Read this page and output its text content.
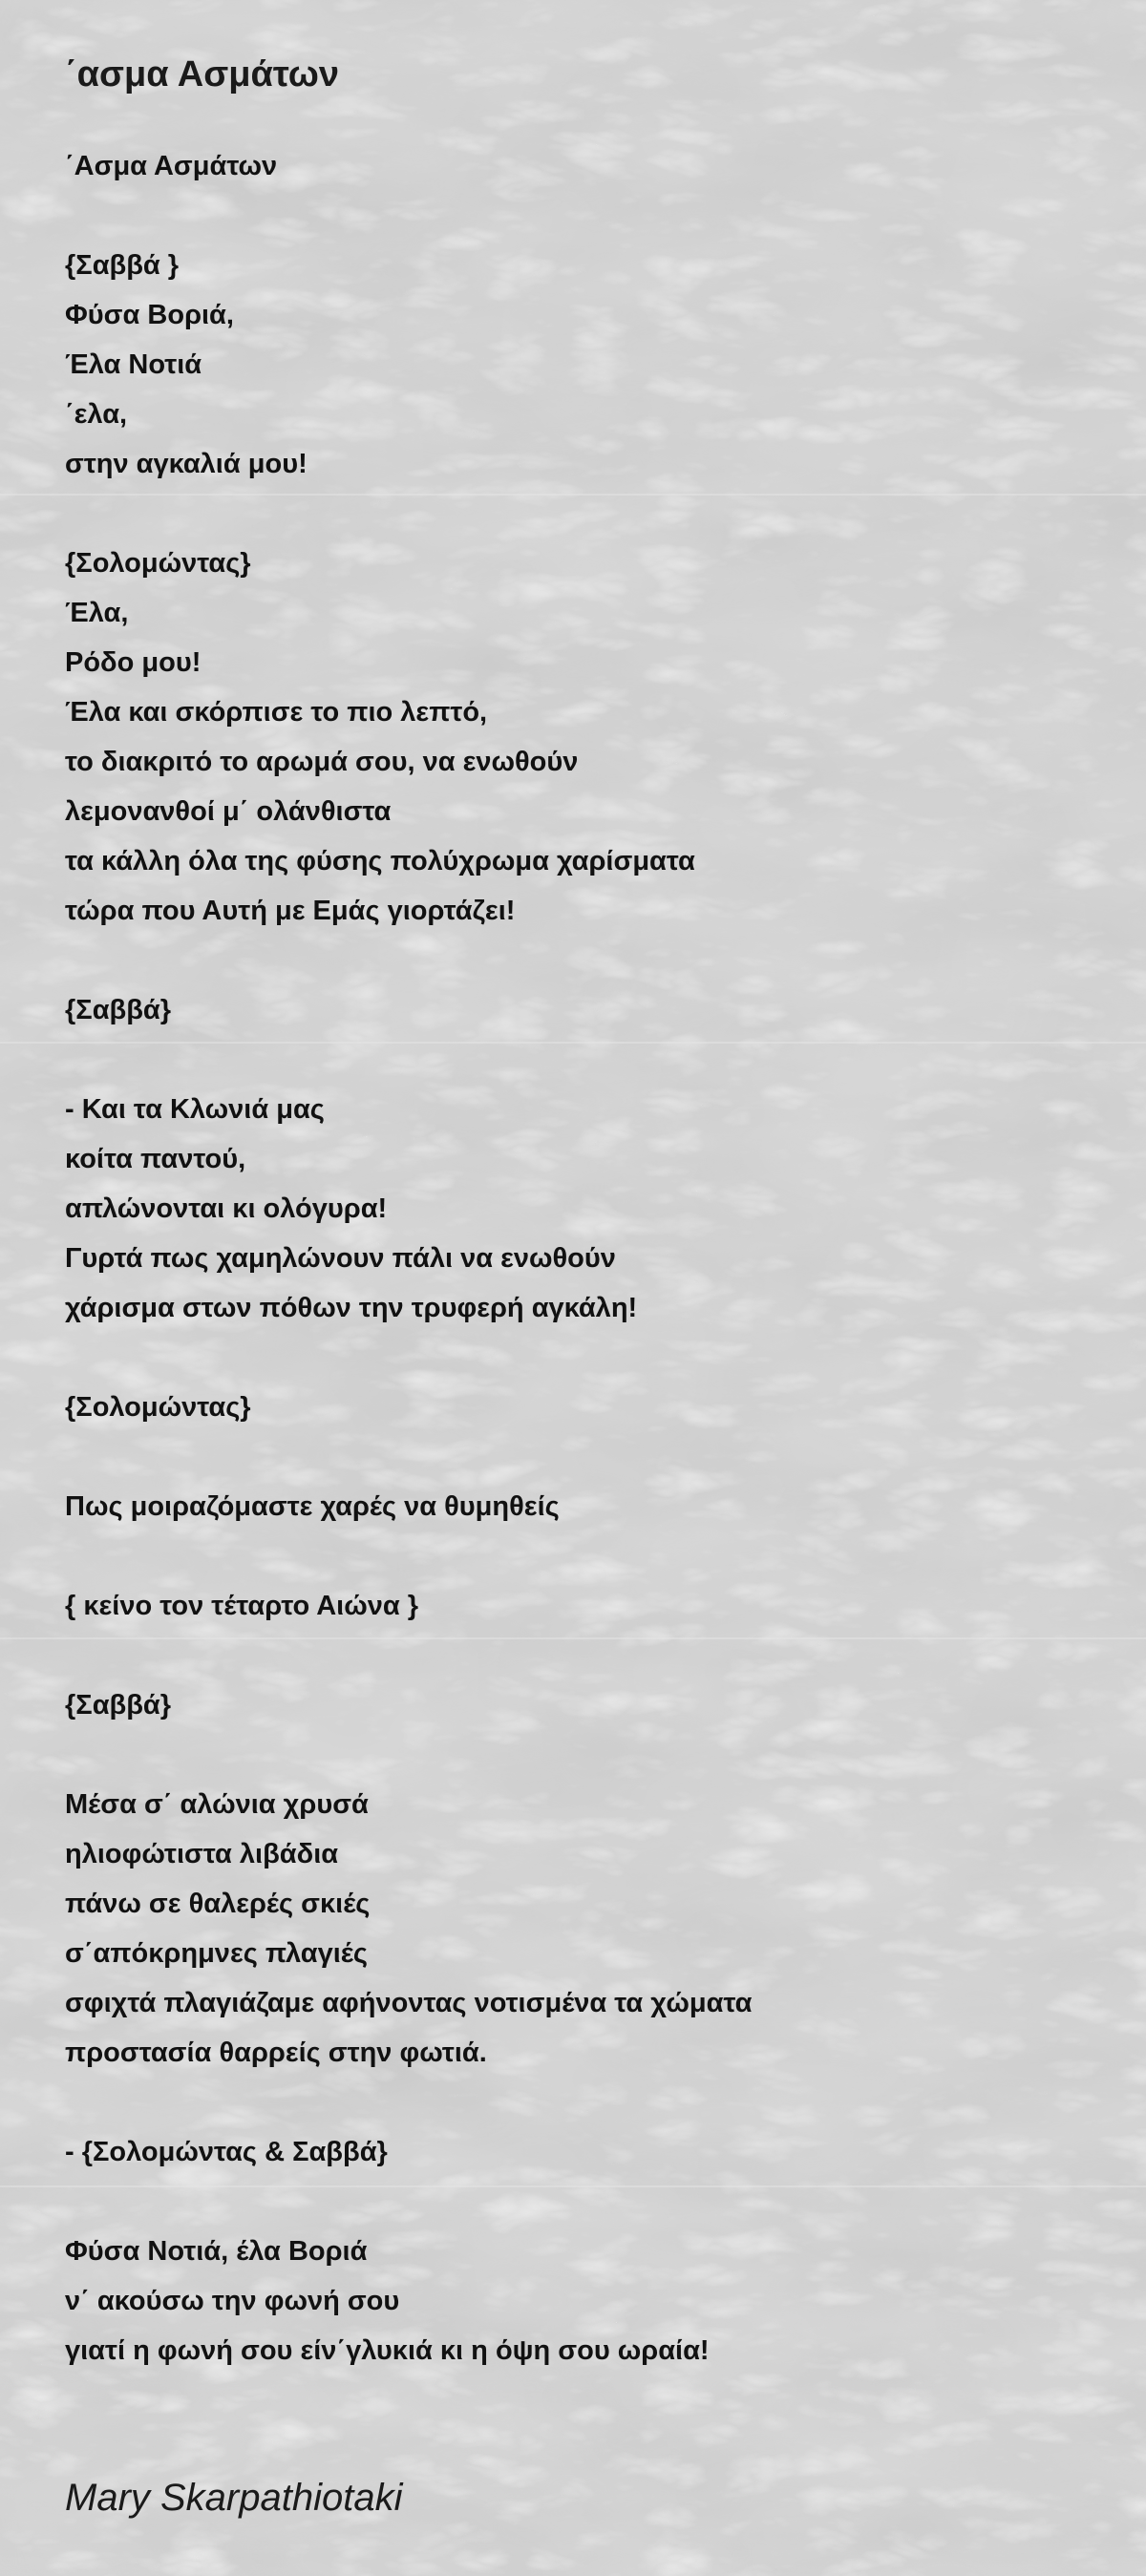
΄ασμα Ασμάτων
΄Ασμα Ασμάτων
{Σαββά }
Φύσα Βοριά,
Έλα Νοτιά
΄ελα,
στην αγκαλιά μου!
{Σολομώντας}
Έλα,
Ρόδο μου!
Έλα και σκόρπισε το πιο λεπτό,
το διακριτό το αρωμά σου, να ενωθούν
λεμονανθοί μ΄ ολάνθιστα
τα κάλλη όλα της φύσης πολύχρωμα χαρίσματα
τώρα που Αυτή με Εμάς γιορτάζει!
{Σαββά}
- Και τα Κλωνιά μας
κοίτα παντού,
απλώνονται κι ολόγυρα!
Γυρτά πως χαμηλώνουν πάλι να ενωθούν
χάρισμα στων πόθων την τρυφερή αγκάλη!
{Σολομώντας}
Πως μοιραζόμαστε χαρές να θυμηθείς
{ κείνο τον τέταρτο Αιώνα }
{Σαββά}
Μέσα σ΄ αλώνια χρυσά
ηλιοφώτιστα λιβάδια
πάνω σε θαλερές σκιές
σ΄απόκρημνες πλαγιές
σφιχτά πλαγιάζαμε αφήνοντας νοτισμένα τα χώματα
προστασία θαρρείς στην φωτιά.
- {Σολομώντας & Σαββά}
Φύσα Νοτιά, έλα Βοριά
ν΄ ακούσω την φωνή σου
γιατί η φωνή σου είν΄γλυκιά κι η όψη σου ωραία!
Mary Skarpathiotaki
